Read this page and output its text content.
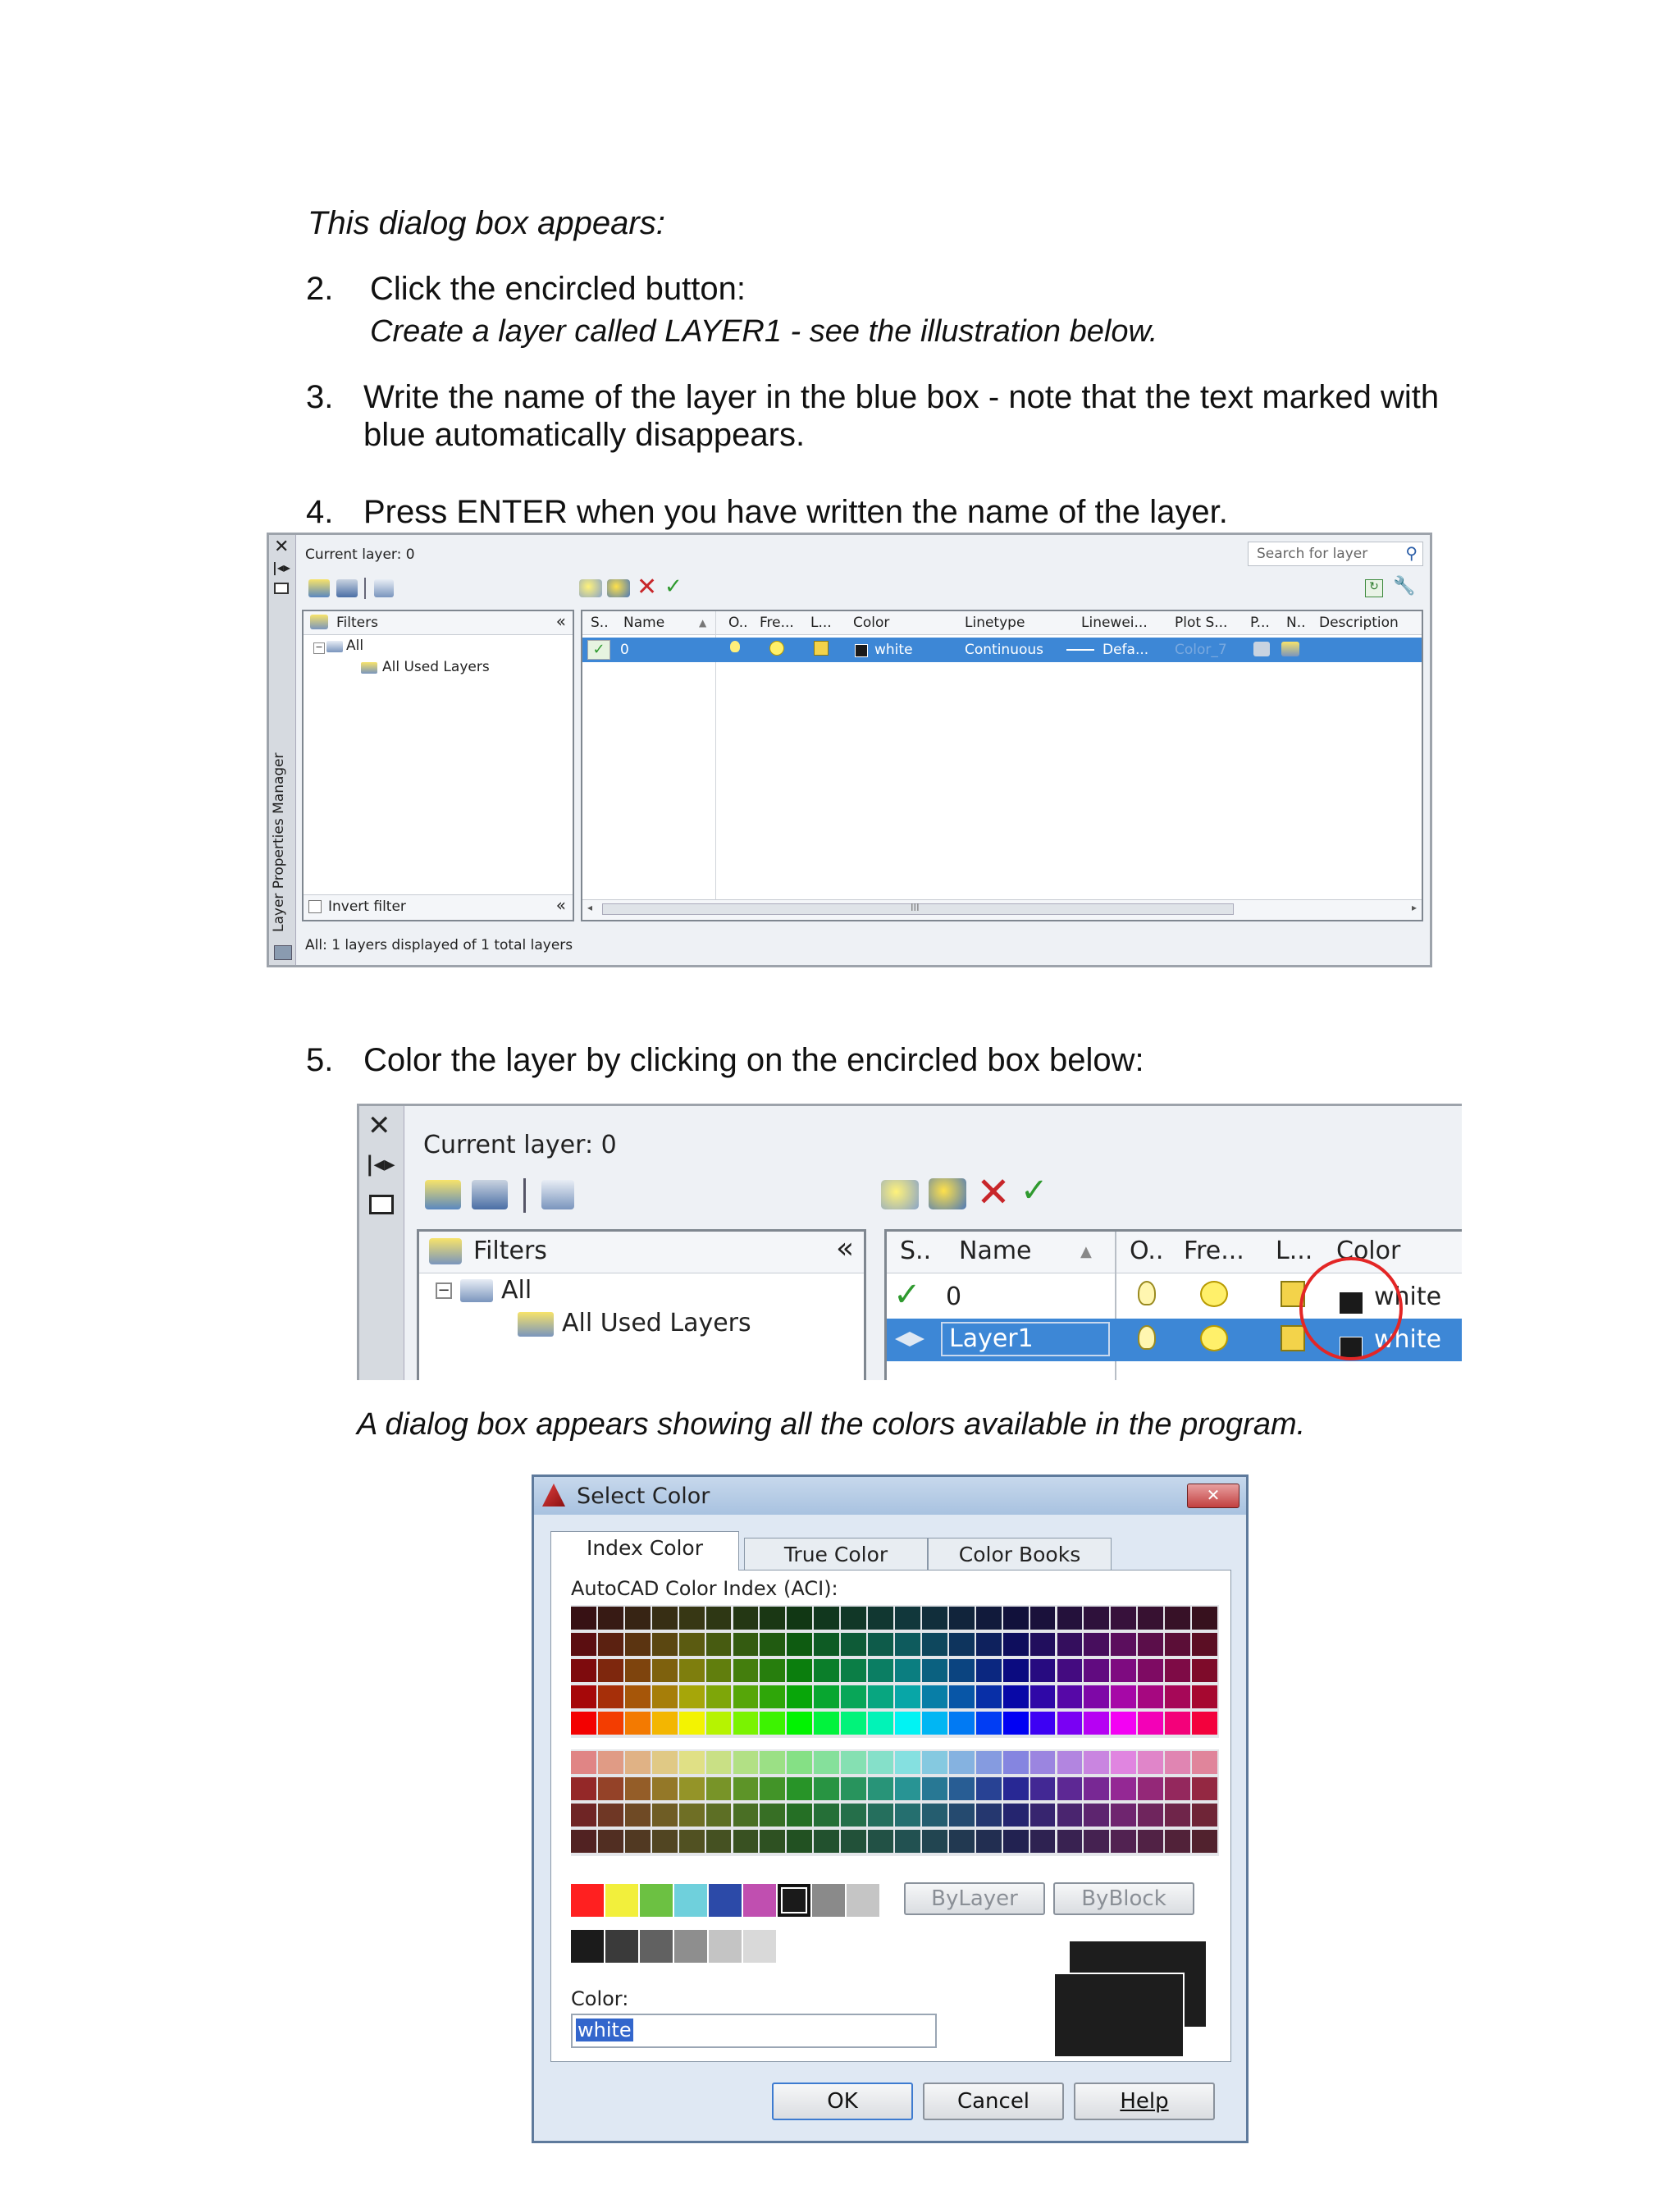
This dialog box appears:
2. Click the encircled button:
Create a layer called LAYER1 - see the illustration below.
3. Write the name of the layer in the blue box - note that the text marked with
blue automatically disappears.
4. Press ENTER when you have written the name of the layer.
✕
|◂▸
Layer Properties Manager
Current layer: 0	Search for layer ⚲
✕ ✓	↻ 🔧
Filters	«
− All
All Used Layers
Invert filter	«
S.. Name	▲ O.. Fre... L... Color	Linetype	Linewei... Plot S... P... N.. Description
✓	0	white	Continuous	Defa... Color_7
◂	III	▸
All: 1 layers displayed of 1 total layers
5. Color the layer by clicking on the encircled box below:
✕
|◂▸
Current layer: 0
✕ ✓
Filters	«
− All
All Used Layers
S.. Name	▲ O.. Fre... L... Color
✓ 0	white
Layer1	white
A dialog box appears showing all the colors available in the program.
Select Color	✕
Index Color	True Color	Color Books
AutoCAD Color Index (ACI):
ByLayer	ByBlock
Color:
white
OK	Cancel	Help
